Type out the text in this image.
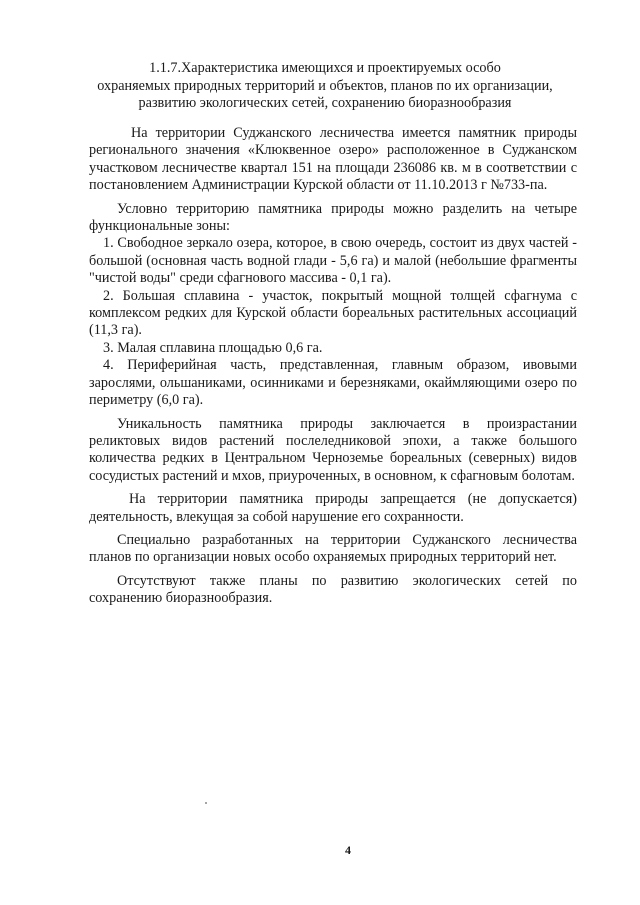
1.1.7.Характеристика имеющихся и проектируемых особо
охраняемых природных территорий и объектов, планов по их организации,
развитию экологических сетей, сохранению биоразнообразия

На территории Суджанского лесничества имеется памятник природы регионального значения «Клюквенное озеро» расположенное в Суджанском участковом лесничестве квартал 151 на площади 236086 кв. м в соответствии с постановлением Администрации Курской области от 11.10.2013 г №733-па.

Условно территорию памятника природы можно разделить на четыре функциональные зоны:

1. Свободное зеркало озера, которое, в свою очередь, состоит из двух частей - большой (основная часть водной глади - 5,6 га) и малой (небольшие фрагменты "чистой воды" среди сфагнового массива - 0,1 га).

2. Большая сплавина - участок, покрытый мощной толщей сфагнума с комплексом редких для Курской области бореальных растительных ассоциаций (11,3 га).

3. Малая сплавина площадью 0,6 га.

4. Периферийная часть, представленная, главным образом, ивовыми зарослями, ольшаниками, осинниками и березняками, окаймляющими озеро по периметру (6,0 га).

Уникальность памятника природы заключается в произрастании реликтовых видов растений послеледниковой эпохи, а также большого количества редких в Центральном Черноземье бореальных (северных) видов сосудистых растений и мхов, приуроченных, в основном, к сфагновым болотам.

На территории памятника природы запрещается (не допускается) деятельность, влекущая за собой нарушение его сохранности.

Специально разработанных на территории Суджанского лесничества планов по организации новых особо охраняемых природных территорий нет.

Отсутствуют также планы по развитию экологических сетей по сохранению биоразнообразия.

4
